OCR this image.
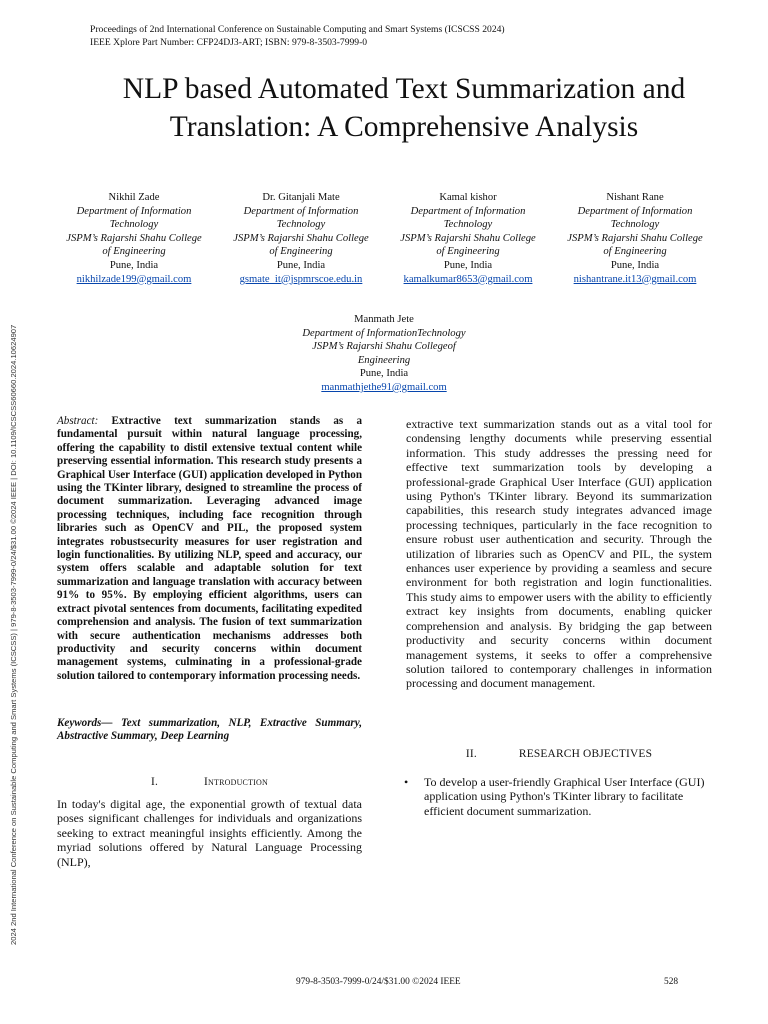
Proceedings of 2nd International Conference on Sustainable Computing and Smart Systems (ICSCSS 2024)
IEEE Xplore Part Number: CFP24DJ3-ART; ISBN: 979-8-3503-7999-0
2024 2nd International Conference on Sustainable Computing and Smart Systems (ICSCSS) | 979-8-3503-7999-0/24/$31.00 ©2024 IEEE | DOI: 10.1109/ICSCSS60660.2024.10624907
NLP based Automated Text Summarization and
Translation: A Comprehensive Analysis
Nikhil Zade
Department of Information
Technology
JSPM’s Rajarshi Shahu College
of Engineering
Pune, India
nikhilzade199@gmail.com
Dr. Gitanjali Mate
Department of Information
Technology
JSPM’s Rajarshi Shahu College
of Engineering
Pune, India
gsmate_it@jspmrscoe.edu.in
Kamal kishor
Department of Information
Technology
JSPM’s Rajarshi Shahu College
of Engineering
Pune, India
kamalkumar8653@gmail.com
Nishant Rane
Department of Information
Technology
JSPM’s Rajarshi Shahu College
of Engineering
Pune, India
nishantrane.it13@gmail.com
Manmath Jete
Department of InformationTechnology
JSPM’s Rajarshi Shahu Collegeof
Engineering
Pune, India
manmathjethe91@gmail.com

Abstract: Extractive text summarization stands as a fundamental pursuit within natural language processing, offering the capability to distil extensive textual content while preserving essential information. This research study presents a Graphical User Interface (GUI) application developed in Python using the TKinter library, designed to streamline the process of document summarization. Leveraging advanced image processing techniques, including face recognition through libraries such as OpenCV and PIL, the proposed system integrates robustsecurity measures for user registration and login functionalities. By utilizing NLP, speed and accuracy, our system offers scalable and adaptable solution for text summarization and language translation with accuracy between 91% to 95%. By employing efficient algorithms, users can extract pivotal sentences from documents, facilitating expedited comprehension and analysis. The fusion of text summarization with secure authentication mechanisms addresses both productivity and security concerns within document management systems, culminating in a professional-grade solution tailored to contemporary information processing needs.

Keywords— Text summarization, NLP, Extractive Summary, Abstractive Summary, Deep Learning

I.	Introduction

In today's digital age, the exponential growth of textual data poses significant challenges for individuals and organizations seeking to extract meaningful insights efficiently. Among the myriad solutions offered by Natural Language Processing (NLP),

extractive text summarization stands out as a vital tool for condensing lengthy documents while preserving essential information. This study addresses the pressing need for effective text summarization tools by developing a professional-grade Graphical User Interface (GUI) application using Python's TKinter library. Beyond its summarization capabilities, this research study integrates advanced image processing techniques, particularly in the face recognition to ensure robust user authentication and security. Through the utilization of libraries such as OpenCV and PIL, the system enhances user experience by providing a seamless and secure environment for both registration and login functionalities. This study aims to empower users with the ability to efficiently extract key insights from documents, enabling quicker comprehension and analysis. By bridging the gap between productivity and security concerns within document management systems, it seeks to offer a comprehensive solution tailored to contemporary challenges in information processing and document management.

II.	RESEARCH OBJECTIVES
• To develop a user-friendly Graphical User Interface (GUI) application using Python's TKinter library to facilitate efficient document summarization.
979-8-3503-7999-0/24/$31.00 ©2024 IEEE	528
